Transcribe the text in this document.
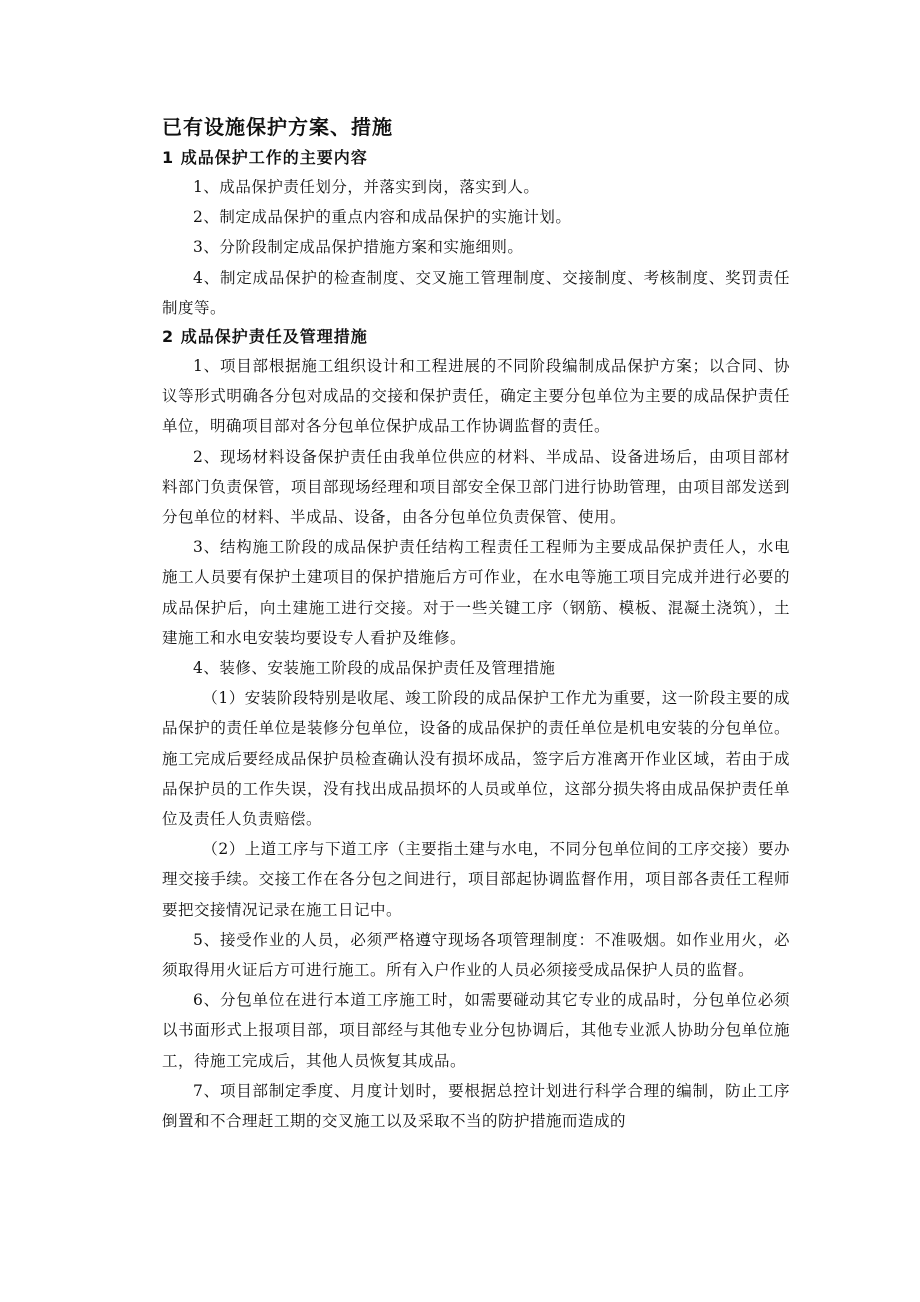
已有设施保护方案、措施
1 成品保护工作的主要内容

1、成品保护责任划分，并落实到岗，落实到人。

2、制定成品保护的重点内容和成品保护的实施计划。

3、分阶段制定成品保护措施方案和实施细则。

4、制定成品保护的检查制度、交叉施工管理制度、交接制度、考核制度、奖罚责任制度等。

2 成品保护责任及管理措施

1、项目部根据施工组织设计和工程进展的不同阶段编制成品保护方案；以合同、协议等形式明确各分包对成品的交接和保护责任，确定主要分包单位为主要的成品保护责任单位，明确项目部对各分包单位保护成品工作协调监督的责任。

2、现场材料设备保护责任由我单位供应的材料、半成品、设备进场后，由项目部材料部门负责保管，项目部现场经理和项目部安全保卫部门进行协助管理，由项目部发送到分包单位的材料、半成品、设备，由各分包单位负责保管、使用。

3、结构施工阶段的成品保护责任结构工程责任工程师为主要成品保护责任人，水电施工人员要有保护土建项目的保护措施后方可作业，在水电等施工项目完成并进行必要的成品保护后，向土建施工进行交接。对于一些关键工序（钢筋、模板、混凝土浇筑），土建施工和水电安装均要设专人看护及维修。

4、装修、安装施工阶段的成品保护责任及管理措施

（1）安装阶段特别是收尾、竣工阶段的成品保护工作尤为重要，这一阶段主要的成品保护的责任单位是装修分包单位，设备的成品保护的责任单位是机电安装的分包单位。施工完成后要经成品保护员检查确认没有损坏成品，签字后方准离开作业区域，若由于成品保护员的工作失误，没有找出成品损坏的人员或单位，这部分损失将由成品保护责任单位及责任人负责赔偿。

（2）上道工序与下道工序（主要指土建与水电，不同分包单位间的工序交接）要办理交接手续。交接工作在各分包之间进行，项目部起协调监督作用，项目部各责任工程师要把交接情况记录在施工日记中。

5、接受作业的人员，必须严格遵守现场各项管理制度：不准吸烟。如作业用火，必须取得用火证后方可进行施工。所有入户作业的人员必须接受成品保护人员的监督。

6、分包单位在进行本道工序施工时，如需要碰动其它专业的成品时，分包单位必须以书面形式上报项目部，项目部经与其他专业分包协调后，其他专业派人协助分包单位施工，待施工完成后，其他人员恢复其成品。

7、项目部制定季度、月度计划时，要根据总控计划进行科学合理的编制，防止工序倒置和不合理赶工期的交叉施工以及采取不当的防护措施而造成的
